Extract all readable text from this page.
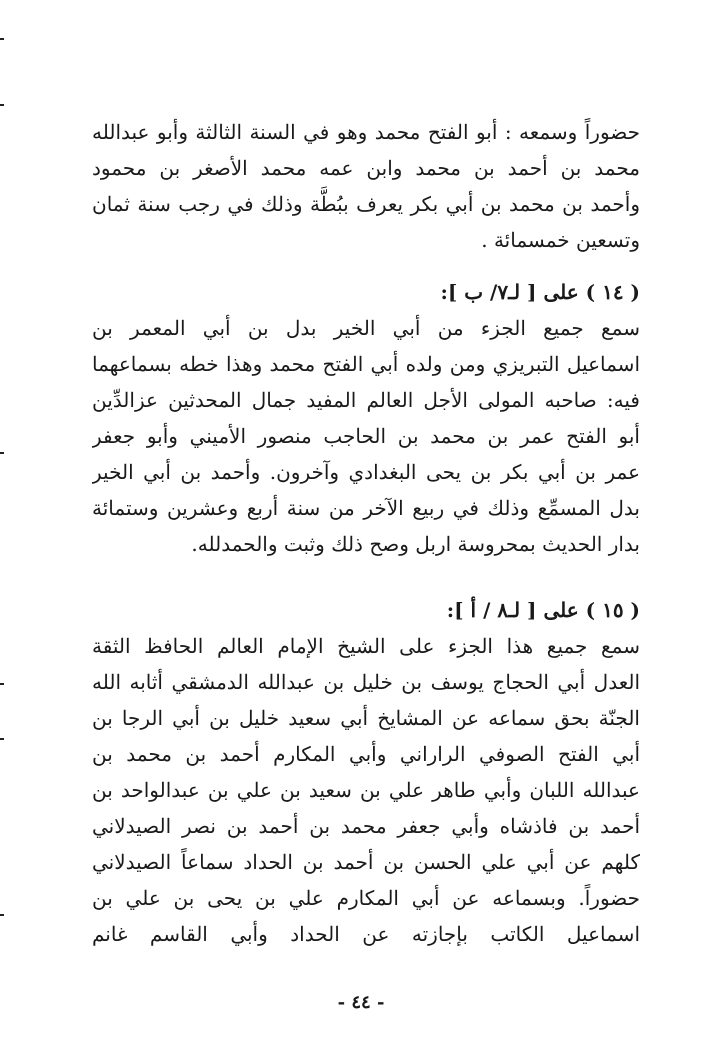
حضوراً وسمعه : أبو الفتح محمد وهو في السنة الثالثة وأبو عبدالله
محمد بن أحمد بن محمد وابن عمه محمد الأصغر بن محمود
وأحمد بن محمد بن أبي بكر يعرف ببُطَّة وذلك في رجب سنة ثمان
وتسعين خمسمائة .
( ١٤ ) على [ لـ٧/ ب ]:
سمع جميع الجزء من أبي الخير بدل بن أبي المعمر بن
اسماعيل التبريزي ومن ولده أبي الفتح محمد وهذا خطه بسماعهما
فيه: صاحبه المولى الأجل العالم المفيد جمال المحدثين عزالدِّين
أبو الفتح عمر بن محمد بن الحاجب منصور الأميني وأبو جعفر
عمر بن أبي بكر بن يحى البغدادي وآخرون. وأحمد بن أبي الخير
بدل المسمِّع وذلك في ربيع الآخر من سنة أربع وعشرين وستمائة
بدار الحديث بمحروسة اربل وصح ذلك وثبت والحمدلله.
( ١٥ ) على [ لـ٨ / أ ]:
سمع جميع هذا الجزء على الشيخ الإمام العالم الحافظ الثقة
العدل أبي الحجاج يوسف بن خليل بن عبدالله الدمشقي أثابه الله
الجنّة بحق سماعه عن المشايخ أبي سعيد خليل بن أبي الرجا بن
أبي الفتح الصوفي الراراني وأبي المكارم أحمد بن محمد بن
عبدالله اللبان وأبي طاهر علي بن سعيد بن علي بن عبدالواحد بن
أحمد بن فاذشاه وأبي جعفر محمد بن أحمد بن نصر الصيدلاني
كلهم عن أبي علي الحسن بن أحمد بن الحداد سماعاً الصيدلاني
حضوراً. وبسماعه عن أبي المكارم علي بن يحى بن علي بن
اسماعيل الكاتب بإجازته عن الحداد وأبي القاسم غانم
- ٤٤ -
